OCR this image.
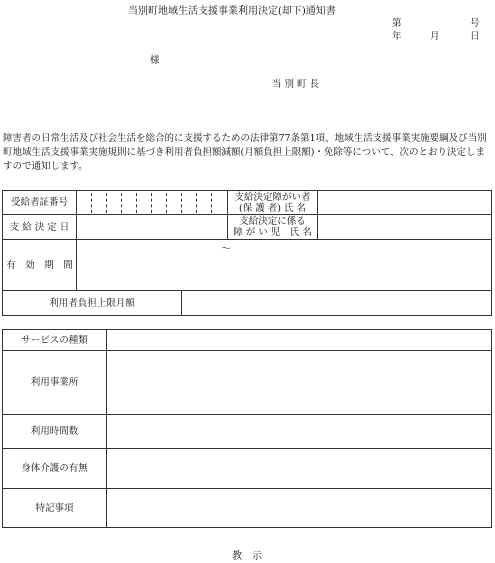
当別町地域生活支援事業利用決定(却下)通知書
第	号
年	月	日
様
当 別 町 長
障害者の日常生活及び社会生活を総合的に支援するための法律第77条第1項、地域生活支援事業実施要綱及び当別町地域生活支援事業実施規則に基づき利用者負担額減額(月額負担上限額)・免除等について、次のとおり決定しますので通知します。
受給者証番号	支給決定障がい者
(保 護 者) 氏 名
支 給 決 定 日	支給決定に係る
障 が い 児　氏 名
有　効　期　間
～
利用者負担上限月額
サービスの種類
利用事業所
利用時間数
身体介護の有無
特記事項
教　示
